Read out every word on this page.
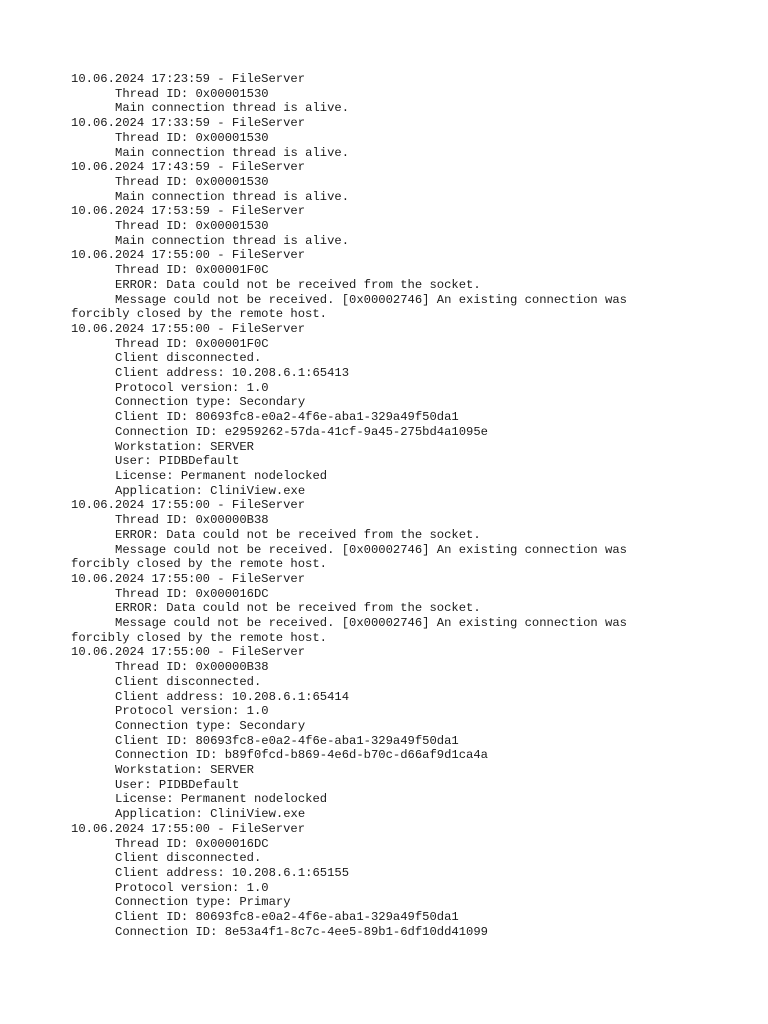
10.06.2024 17:23:59 - FileServer
Thread ID: 0x00001530
Main connection thread is alive.
10.06.2024 17:33:59 - FileServer
Thread ID: 0x00001530
Main connection thread is alive.
10.06.2024 17:43:59 - FileServer
Thread ID: 0x00001530
Main connection thread is alive.
10.06.2024 17:53:59 - FileServer
Thread ID: 0x00001530
Main connection thread is alive.
10.06.2024 17:55:00 - FileServer
Thread ID: 0x00001F0C
ERROR: Data could not be received from the socket.
Message could not be received. [0x00002746] An existing connection was
forcibly closed by the remote host.
10.06.2024 17:55:00 - FileServer
Thread ID: 0x00001F0C
Client disconnected.
Client address: 10.208.6.1:65413
Protocol version: 1.0
Connection type: Secondary
Client ID: 80693fc8-e0a2-4f6e-aba1-329a49f50da1
Connection ID: e2959262-57da-41cf-9a45-275bd4a1095e
Workstation: SERVER
User: PIDBDefault
License: Permanent nodelocked
Application: CliniView.exe
10.06.2024 17:55:00 - FileServer
Thread ID: 0x00000B38
ERROR: Data could not be received from the socket.
Message could not be received. [0x00002746] An existing connection was
forcibly closed by the remote host.
10.06.2024 17:55:00 - FileServer
Thread ID: 0x000016DC
ERROR: Data could not be received from the socket.
Message could not be received. [0x00002746] An existing connection was
forcibly closed by the remote host.
10.06.2024 17:55:00 - FileServer
Thread ID: 0x00000B38
Client disconnected.
Client address: 10.208.6.1:65414
Protocol version: 1.0
Connection type: Secondary
Client ID: 80693fc8-e0a2-4f6e-aba1-329a49f50da1
Connection ID: b89f0fcd-b869-4e6d-b70c-d66af9d1ca4a
Workstation: SERVER
User: PIDBDefault
License: Permanent nodelocked
Application: CliniView.exe
10.06.2024 17:55:00 - FileServer
Thread ID: 0x000016DC
Client disconnected.
Client address: 10.208.6.1:65155
Protocol version: 1.0
Connection type: Primary
Client ID: 80693fc8-e0a2-4f6e-aba1-329a49f50da1
Connection ID: 8e53a4f1-8c7c-4ee5-89b1-6df10dd41099
